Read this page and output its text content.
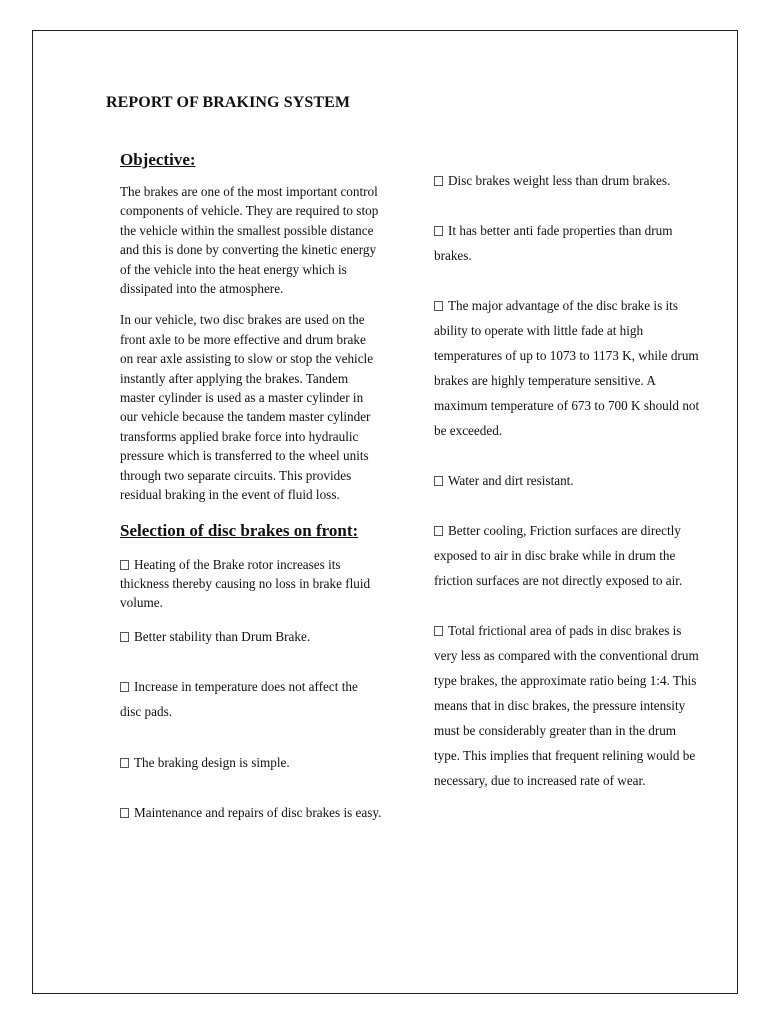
REPORT OF BRAKING SYSTEM

Objective:

The brakes are one of the most important control components of vehicle. They are required to stop the vehicle within the smallest possible distance and this is done by converting the kinetic energy of the vehicle into the heat energy which is dissipated into the atmosphere.

In our vehicle, two disc brakes are used on the front axle to be more effective and drum brake on rear axle assisting to slow or stop the vehicle instantly after applying the brakes. Tandem master cylinder is used as a master cylinder in our vehicle because the tandem master cylinder transforms applied brake force into hydraulic pressure which is transferred to the wheel units through two separate circuits. This provides residual braking in the event of fluid loss.

Selection of disc brakes on front:

Heating of the Brake rotor increases its thickness thereby causing no loss in brake fluid volume.
Better stability than Drum Brake.
Increase in temperature does not affect the disc pads.
The braking design is simple.
Maintenance and repairs of disc brakes is easy.
Disc brakes weight less than drum brakes.
It has better anti fade properties than drum brakes.
The major advantage of the disc brake is its ability to operate with little fade at high temperatures of up to 1073 to 1173 K, while drum brakes are highly temperature sensitive. A maximum temperature of 673 to 700 K should not be exceeded.
Water and dirt resistant.
Better cooling, Friction surfaces are directly exposed to air in disc brake while in drum the friction surfaces are not directly exposed to air.
Total frictional area of pads in disc brakes is very less as compared with the conventional drum type brakes, the approximate ratio being 1:4. This means that in disc brakes, the pressure intensity must be considerably greater than in the drum type. This implies that frequent relining would be necessary, due to increased rate of wear.
